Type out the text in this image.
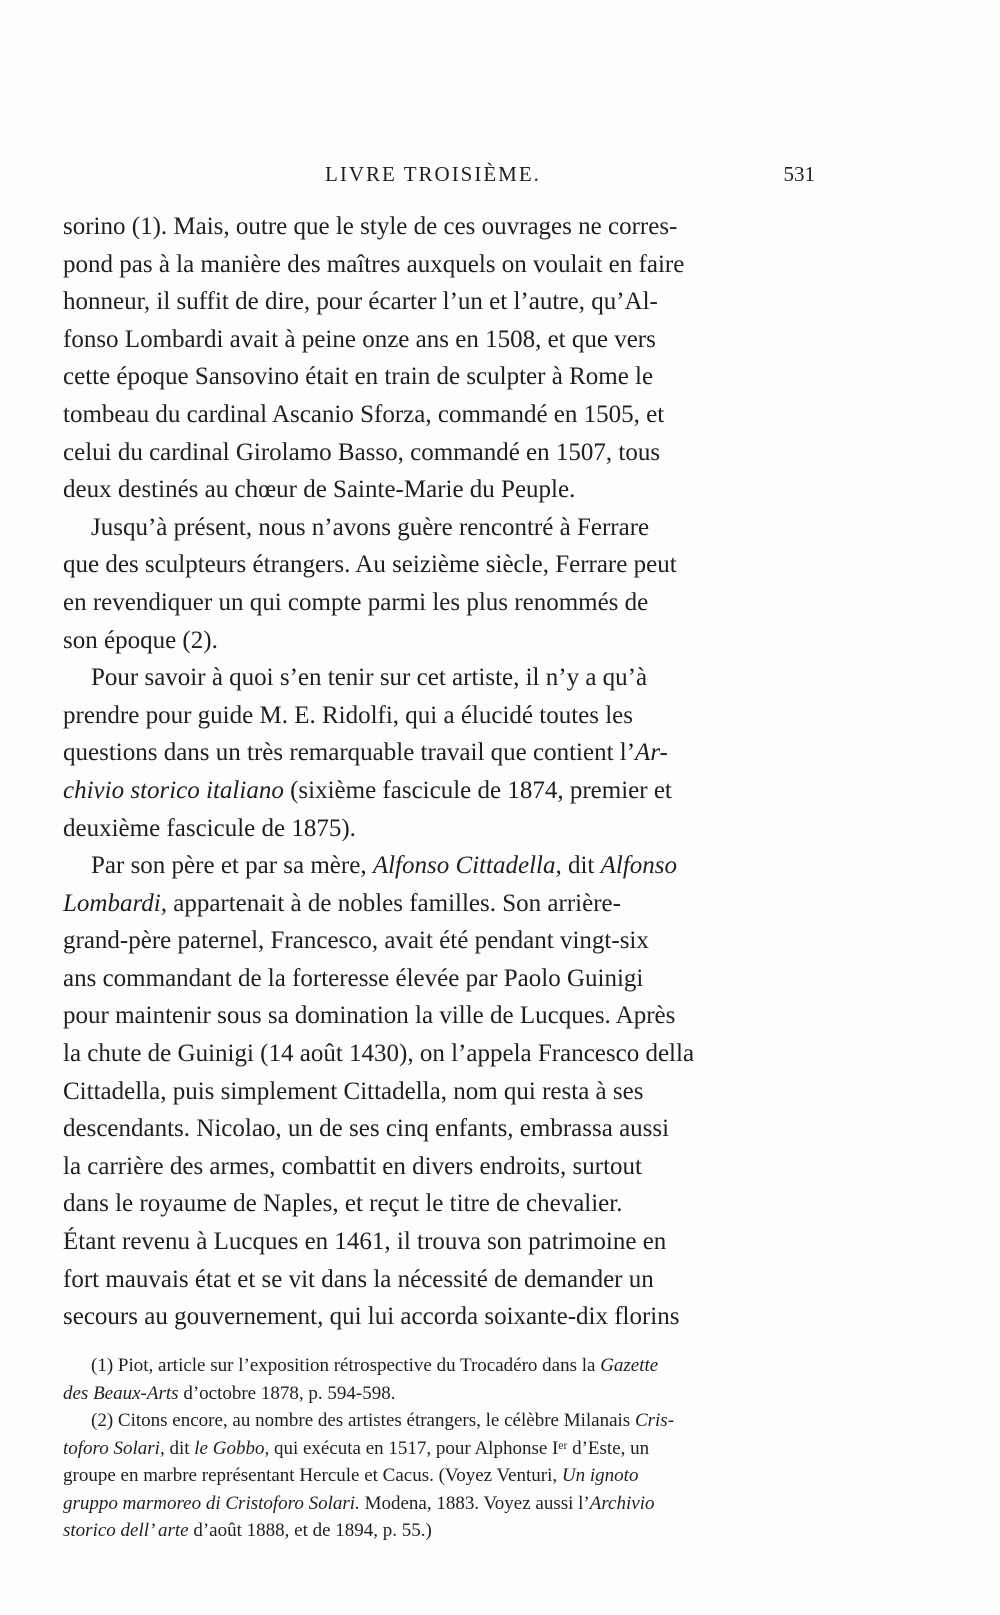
LIVRE TROISIÈME.	531
sorino (1). Mais, outre que le style de ces ouvrages ne corres-
pond pas à la manière des maîtres auxquels on voulait en faire
honneur, il suffit de dire, pour écarter l’un et l’autre, qu’Al-
fonso Lombardi avait à peine onze ans en 1508, et que vers
cette époque Sansovino était en train de sculpter à Rome le
tombeau du cardinal Ascanio Sforza, commandé en 1505, et
celui du cardinal Girolamo Basso, commandé en 1507, tous
deux destinés au chœur de Sainte-Marie du Peuple.
Jusqu’à présent, nous n’avons guère rencontré à Ferrare
que des sculpteurs étrangers. Au seizième siècle, Ferrare peut
en revendiquer un qui compte parmi les plus renommés de
son époque (2).
Pour savoir à quoi s’en tenir sur cet artiste, il n’y a qu’à
prendre pour guide M. E. Ridolfi, qui a élucidé toutes les
questions dans un très remarquable travail que contient l’Ar-
chivio storico italiano (sixième fascicule de 1874, premier et
deuxième fascicule de 1875).
Par son père et par sa mère, Alfonso Cittadella, dit Alfonso
Lombardi, appartenait à de nobles familles. Son arrière-
grand-père paternel, Francesco, avait été pendant vingt-six
ans commandant de la forteresse élevée par Paolo Guinigi
pour maintenir sous sa domination la ville de Lucques. Après
la chute de Guinigi (14 août 1430), on l’appela Francesco della
Cittadella, puis simplement Cittadella, nom qui resta à ses
descendants. Nicolao, un de ses cinq enfants, embrassa aussi
la carrière des armes, combattit en divers endroits, surtout
dans le royaume de Naples, et reçut le titre de chevalier.
Étant revenu à Lucques en 1461, il trouva son patrimoine en
fort mauvais état et se vit dans la nécessité de demander un
secours au gouvernement, qui lui accorda soixante-dix florins
(1) Piot, article sur l’exposition rétrospective du Trocadéro dans la Gazette
des Beaux-Arts d’octobre 1878, p. 594-598.
(2) Citons encore, au nombre des artistes étrangers, le célèbre Milanais Cris-
toforo Solari, dit le Gobbo, qui exécuta en 1517, pour Alphonse Iᵉʳ d’Este, un
groupe en marbre représentant Hercule et Cacus. (Voyez Venturi, Un ignoto
gruppo marmoreo di Cristoforo Solari. Modena, 1883. Voyez aussi l’Archivio
storico dell’ arte d’août 1888, et de 1894, p. 55.)
